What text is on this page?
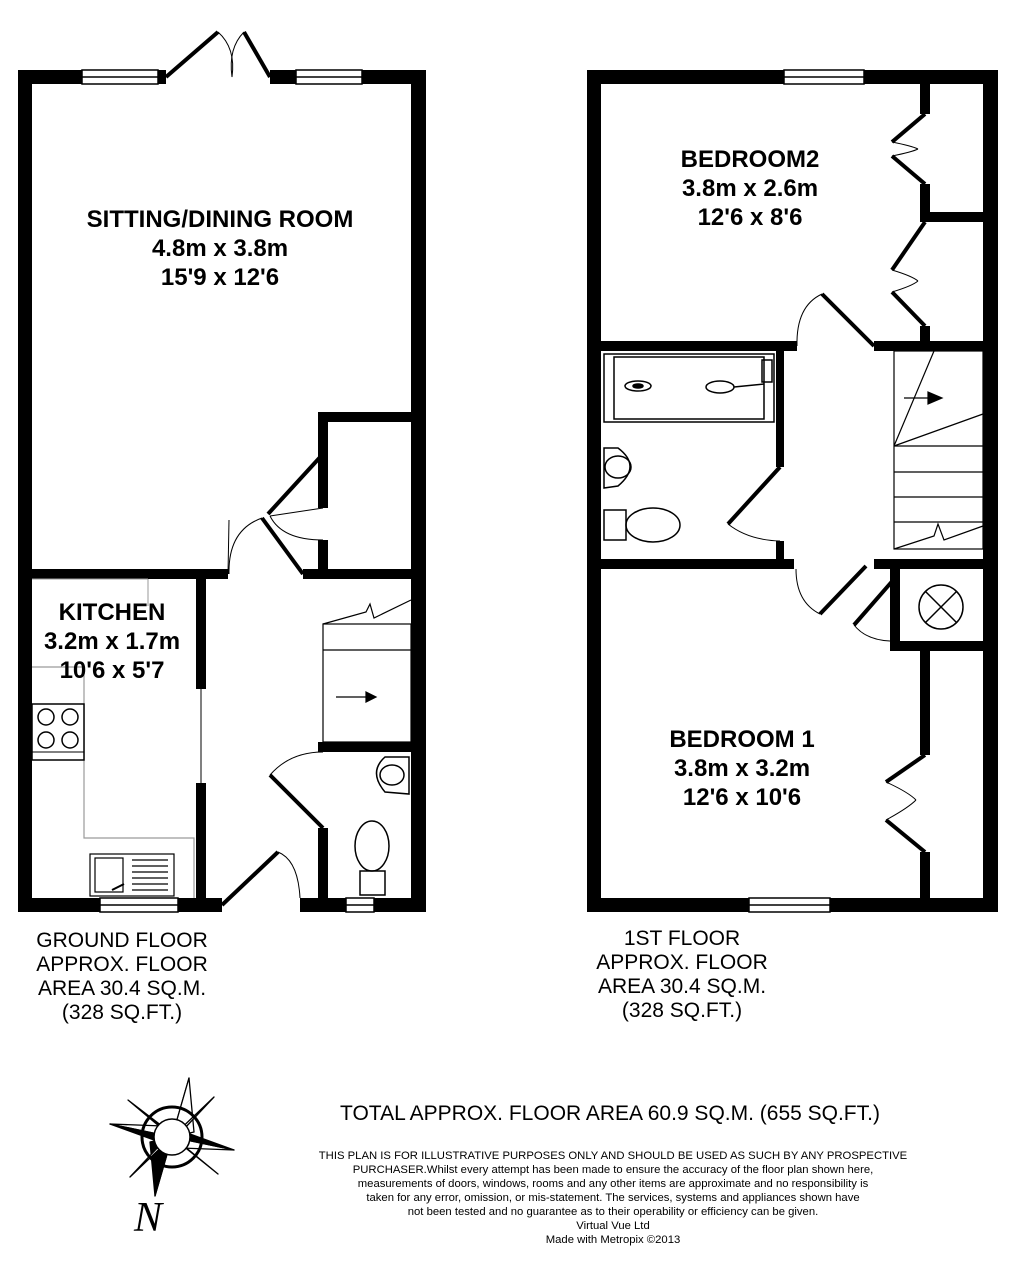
SITTING/DINING ROOM
4.8m x 3.8m
15'9 x 12'6
KITCHEN
3.2m x 1.7m
10'6 x 5'7
BEDROOM2
3.8m x 2.6m
12'6 x 8'6
BEDROOM 1
3.8m x 3.2m
12'6 x 10'6
GROUND FLOOR
APPROX. FLOOR
AREA 30.4 SQ.M.
(328 SQ.FT.)
1ST FLOOR
APPROX. FLOOR
AREA 30.4 SQ.M.
(328 SQ.FT.)
TOTAL APPROX. FLOOR AREA 60.9 SQ.M. (655 SQ.FT.)
THIS PLAN IS FOR ILLUSTRATIVE PURPOSES ONLY AND SHOULD BE USED AS SUCH BY ANY PROSPECTIVE
PURCHASER.Whilst every attempt has been made to ensure the accuracy of the floor plan shown here,
measurements of doors, windows, rooms and any other items are approximate and no responsibility is
taken for any error, omission, or mis-statement. The services, systems and appliances shown have
not been tested and no guarantee as to their operability or efficiency can be given.
Virtual Vue Ltd
Made with Metropix ©2013
N
